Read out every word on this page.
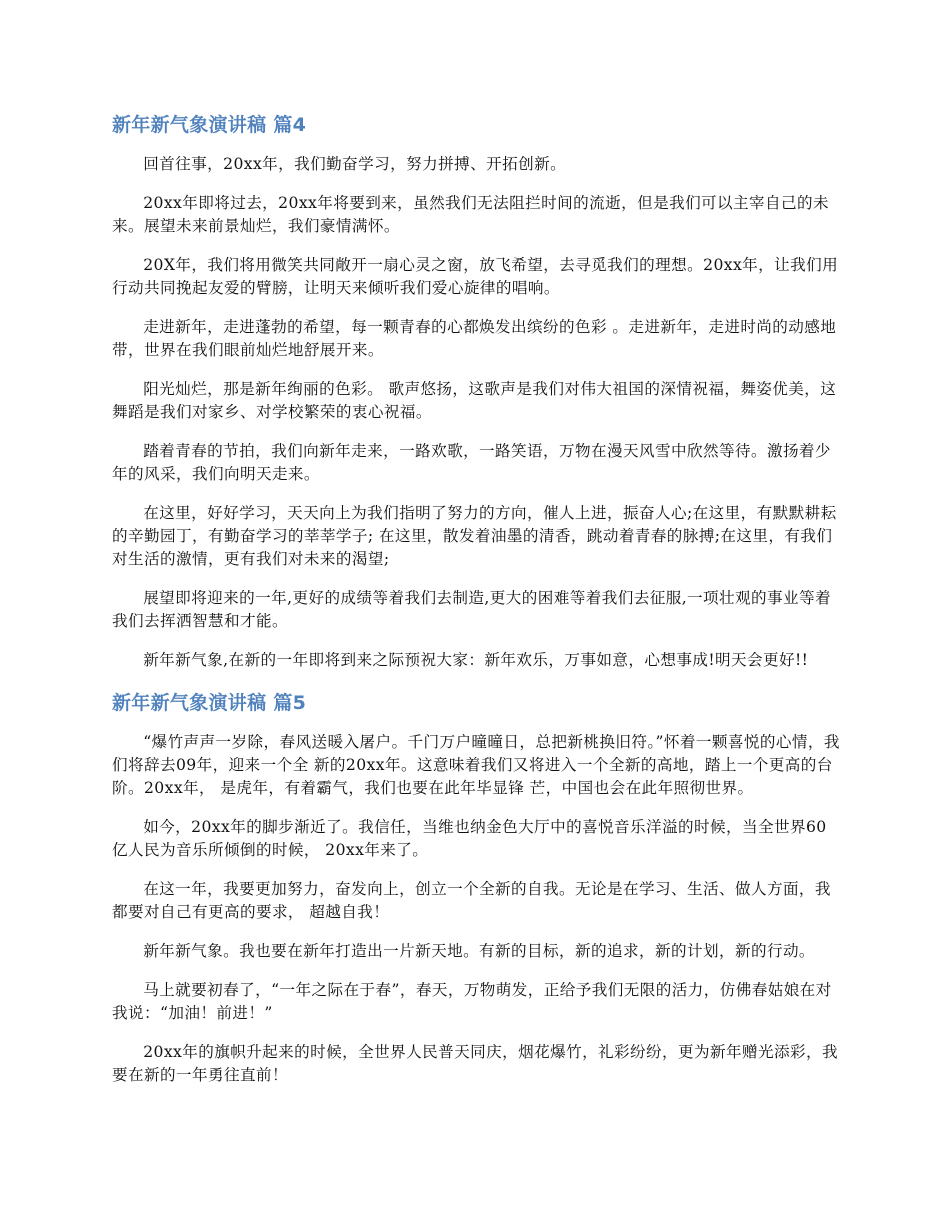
新年新气象演讲稿 篇4

回首往事，20xx年，我们勤奋学习，努力拼搏、开拓创新。

20xx年即将过去，20xx年将要到来，虽然我们无法阻拦时间的流逝，但是我们可以主宰自己的未来。展望未来前景灿烂，我们豪情满怀。

20X年，我们将用微笑共同敞开一扇心灵之窗，放飞希望，去寻觅我们的理想。20xx年，让我们用行动共同挽起友爱的臂膀，让明天来倾听我们爱心旋律的唱响。

走进新年，走进蓬勃的希望，每一颗青春的心都焕发出缤纷的色彩 。走进新年，走进时尚的动感地带，世界在我们眼前灿烂地舒展开来。

阳光灿烂，那是新年绚丽的色彩。 歌声悠扬，这歌声是我们对伟大祖国的深情祝福，舞姿优美，这舞蹈是我们对家乡、对学校繁荣的衷心祝福。

踏着青春的节拍，我们向新年走来，一路欢歌，一路笑语，万物在漫天风雪中欣然等待。激扬着少年的风采，我们向明天走来。

在这里，好好学习，天天向上为我们指明了努力的方向，催人上进，振奋人心;在这里，有默默耕耘的辛勤园丁，有勤奋学习的莘莘学子; 在这里，散发着油墨的清香，跳动着青春的脉搏;在这里，有我们对生活的激情，更有我们对未来的渴望;

展望即将迎来的一年,更好的成绩等着我们去制造,更大的困难等着我们去征服,一项壮观的事业等着我们去挥洒智慧和才能。

新年新气象,在新的一年即将到来之际预祝大家：新年欢乐，万事如意，心想事成!明天会更好!!

新年新气象演讲稿 篇5

“爆竹声声一岁除，春风送暖入屠户。千门万户曈曈日，总把新桃换旧符。”怀着一颗喜悦的心情，我们将辞去09年，迎来一个全 新的20xx年。这意味着我们又将进入一个全新的高地，踏上一个更高的台阶。20xx年， 是虎年，有着霸气，我们也要在此年毕显锋 芒，中国也会在此年照彻世界。

如今，20xx年的脚步渐近了。我信任，当维也纳金色大厅中的喜悦音乐洋溢的时候，当全世界60亿人民为音乐所倾倒的时候， 20xx年来了。

在这一年，我要更加努力，奋发向上，创立一个全新的自我。无论是在学习、生活、做人方面，我都要对自己有更高的要求， 超越自我！

新年新气象。我也要在新年打造出一片新天地。有新的目标，新的追求，新的计划，新的行动。

马上就要初春了，“一年之际在于春”，春天，万物萌发，正给予我们无限的活力，仿佛春姑娘在对我说：“加油！前进！”

20xx年的旗帜升起来的时候，全世界人民普天同庆，烟花爆竹，礼彩纷纷，更为新年赠光添彩，我要在新的一年勇往直前！
